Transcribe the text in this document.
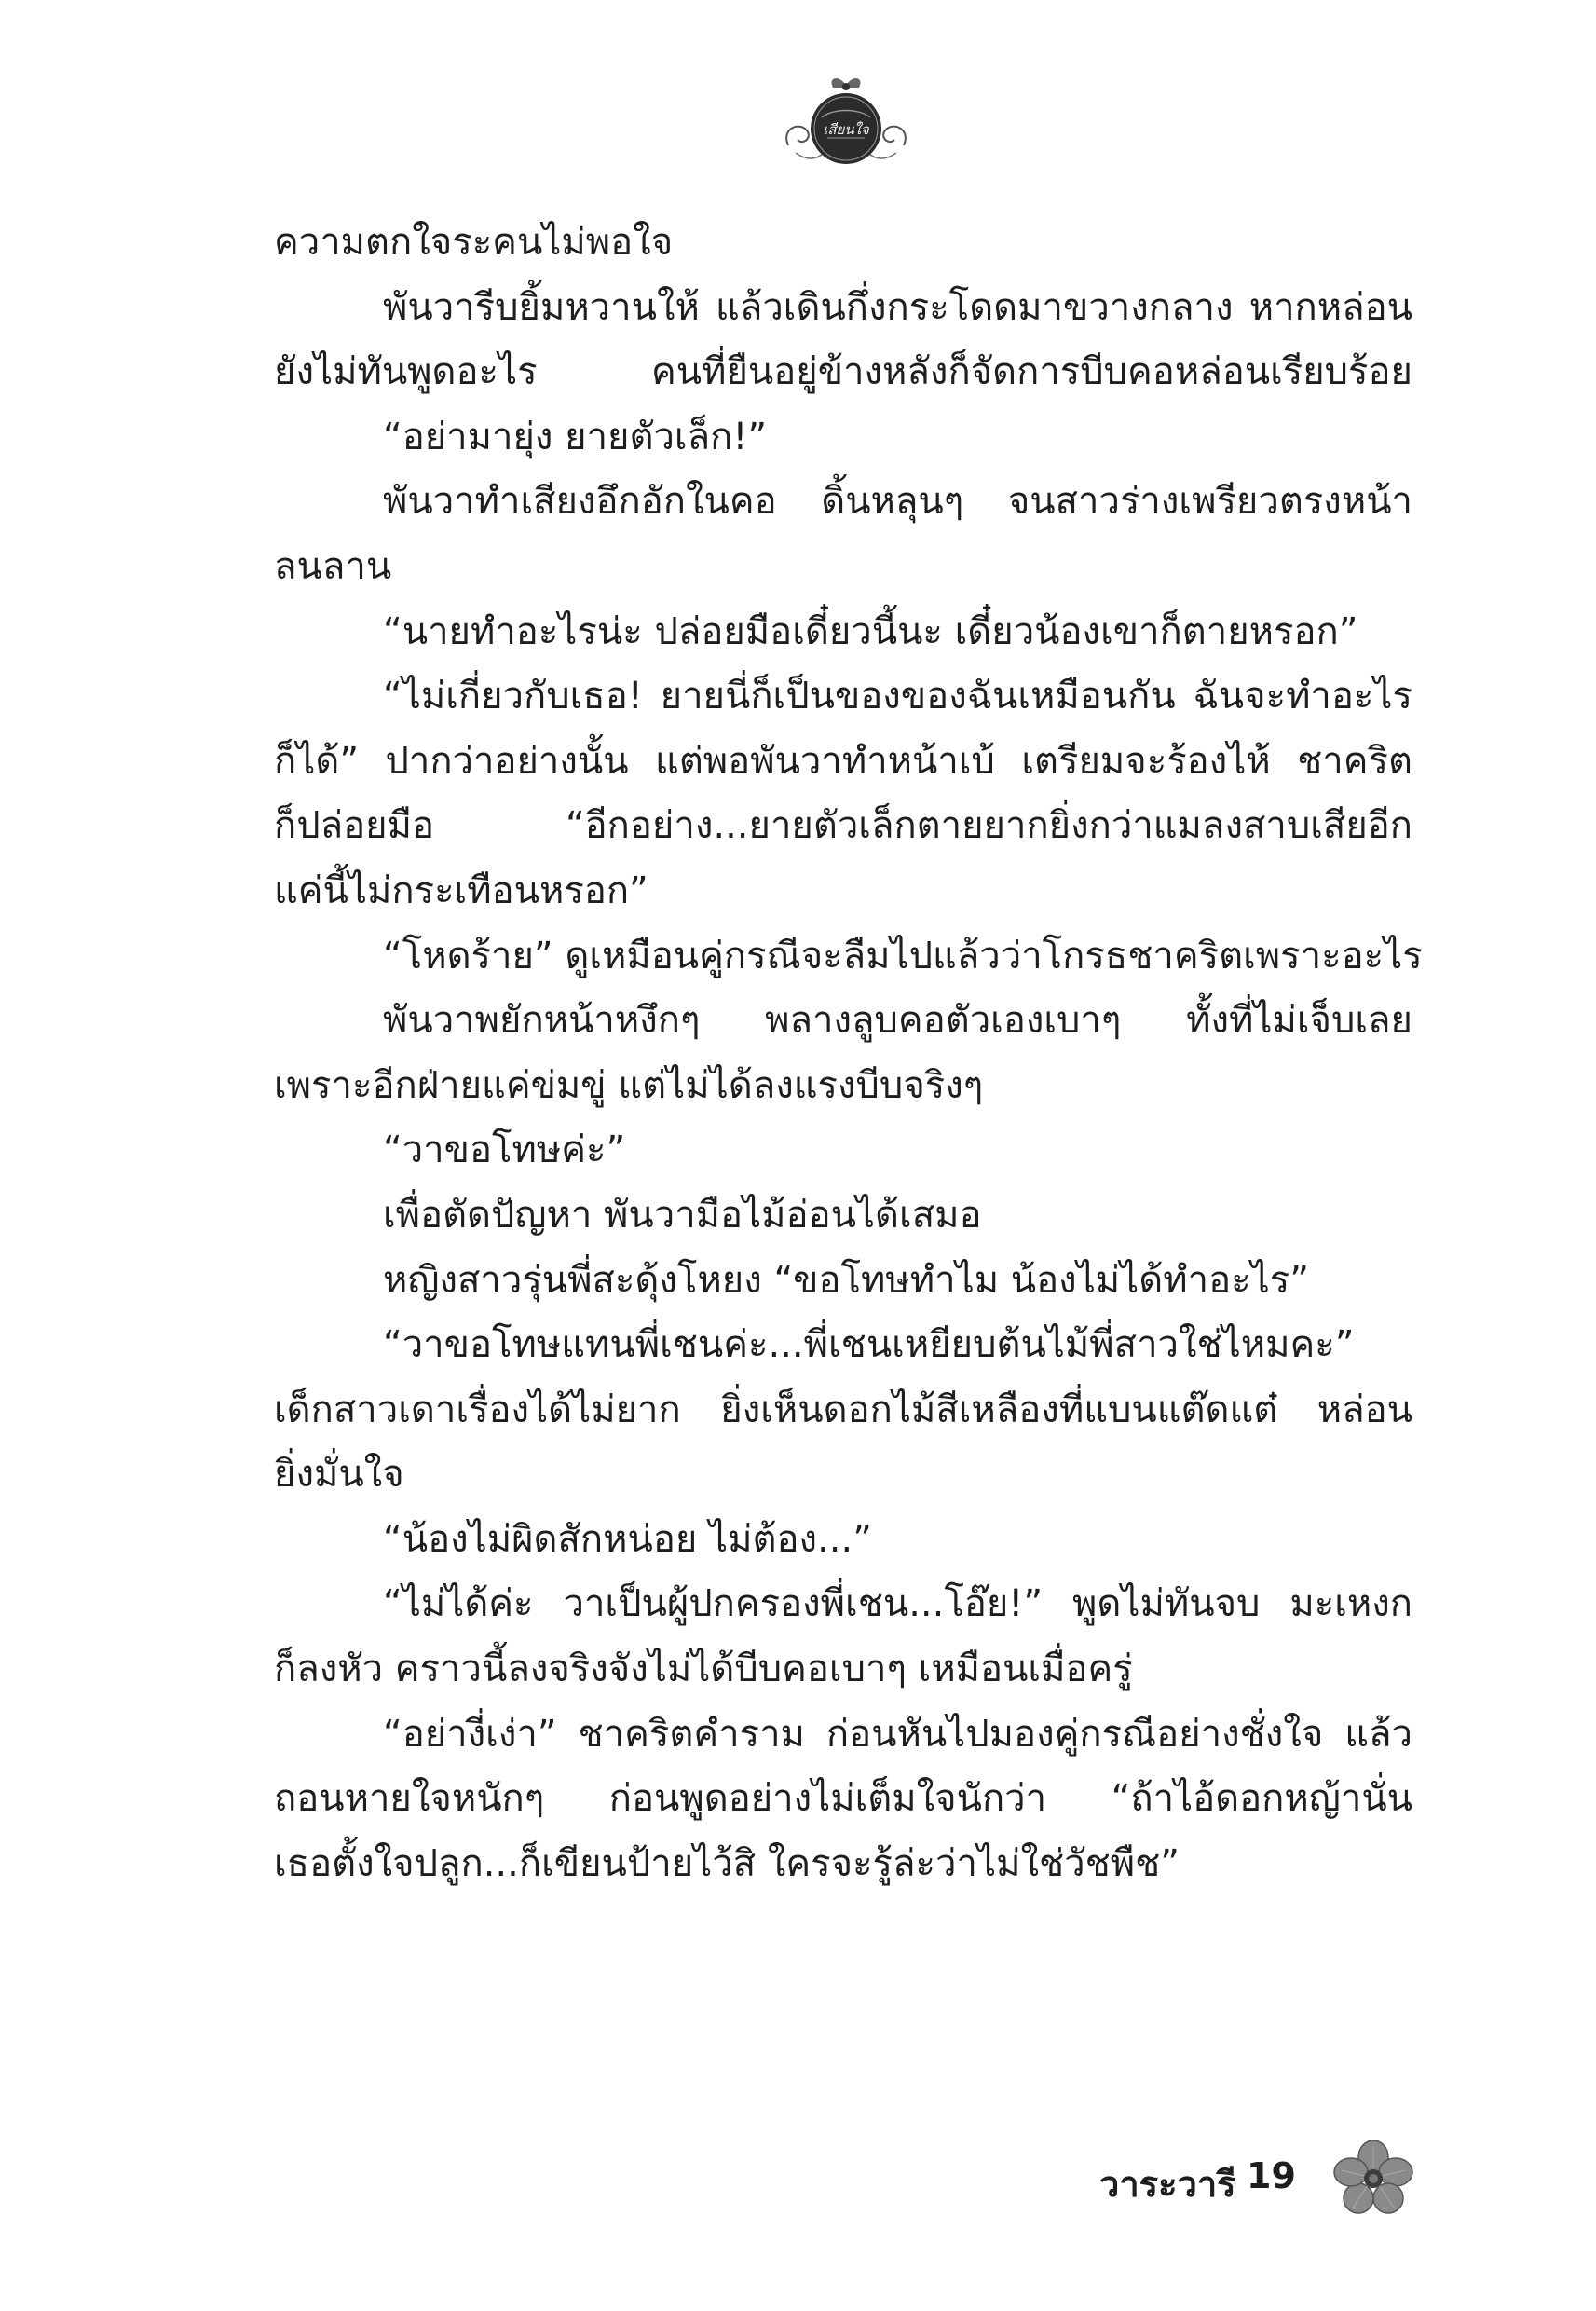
เสียนใจ
ความตกใจระคนไม่พอใจ
พันวารีบยิ้มหวานให้ แล้วเดินกึ่งกระโดดมาขวางกลาง หากหล่อน
ยังไม่ทันพูดอะไร คนที่ยืนอยู่ข้างหลังก็จัดการบีบคอหล่อนเรียบร้อย
“อย่ามายุ่ง ยายตัวเล็ก!”
พันวาทำเสียงอึกอักในคอ ดิ้นหลุนๆ จนสาวร่างเพรียวตรงหน้า
ลนลาน
“นายทำอะไรน่ะ ปล่อยมือเดี๋ยวนี้นะ เดี๋ยวน้องเขาก็ตายหรอก”
“ไม่เกี่ยวกับเธอ! ยายนี่ก็เป็นของของฉันเหมือนกัน ฉันจะทำอะไร
ก็ได้” ปากว่าอย่างนั้น แต่พอพันวาทำหน้าเบ้ เตรียมจะร้องไห้ ชาคริต
ก็ปล่อยมือ “อีกอย่าง...ยายตัวเล็กตายยากยิ่งกว่าแมลงสาบเสียอีก
แค่นี้ไม่กระเทือนหรอก”
“โหดร้าย” ดูเหมือนคู่กรณีจะลืมไปแล้วว่าโกรธชาคริตเพราะอะไร
พันวาพยักหน้าหงึกๆ พลางลูบคอตัวเองเบาๆ ทั้งที่ไม่เจ็บเลย
เพราะอีกฝ่ายแค่ข่มขู่ แต่ไม่ได้ลงแรงบีบจริงๆ
“วาขอโทษค่ะ”
เพื่อตัดปัญหา พันวามือไม้อ่อนได้เสมอ
หญิงสาวรุ่นพี่สะดุ้งโหยง “ขอโทษทำไม น้องไม่ได้ทำอะไร”
“วาขอโทษแทนพี่เชนค่ะ...พี่เชนเหยียบต้นไม้พี่สาวใช่ไหมคะ”
เด็กสาวเดาเรื่องได้ไม่ยาก ยิ่งเห็นดอกไม้สีเหลืองที่แบนแต๊ดแต๋ หล่อน
ยิ่งมั่นใจ
“น้องไม่ผิดสักหน่อย ไม่ต้อง...”
“ไม่ได้ค่ะ วาเป็นผู้ปกครองพี่เชน...โอ๊ย!” พูดไม่ทันจบ มะเหงก
ก็ลงหัว คราวนี้ลงจริงจังไม่ได้บีบคอเบาๆ เหมือนเมื่อครู่
“อย่างี่เง่า” ชาคริตคำราม ก่อนหันไปมองคู่กรณีอย่างชั่งใจ แล้ว
ถอนหายใจหนักๆ ก่อนพูดอย่างไม่เต็มใจนักว่า “ถ้าไอ้ดอกหญ้านั่น
เธอตั้งใจปลูก...ก็เขียนป้ายไว้สิ ใครจะรู้ล่ะว่าไม่ใช่วัชพืช”
วาระวารี 19
